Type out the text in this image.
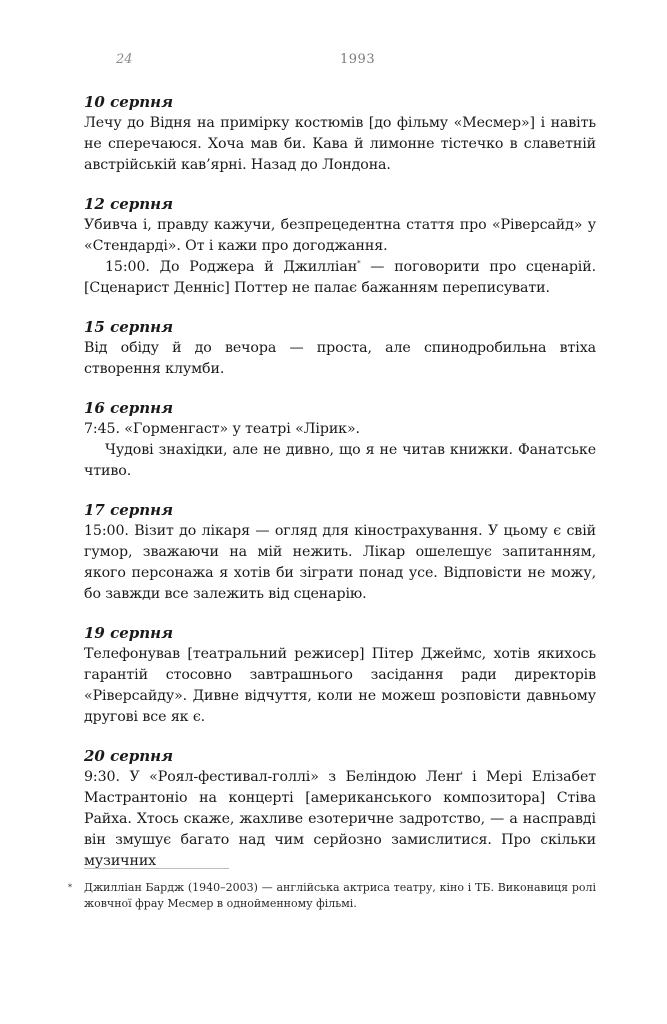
24	1993

10 серпня

Лечу до Відня на примірку костюмів [до фільму «Месмер»] і навіть не сперечаюся. Хоча мав би. Кава й лимонне тістечко в славетній австрійській кав’ярні. Назад до Лондона.

12 серпня

Убивча і, правду кажучи, безпрецедентна стаття про «Ріверсайд» у «Стендарді». От і кажи про догоджання.

15:00. До Роджера й Джилліан* — поговорити про сценарій. [Сценарист Денніс] Поттер не палає бажанням переписувати.

15 серпня

Від обіду й до вечора — проста, але спинодробильна втіха створення клумби.

16 серпня

7:45. «Горменгаст» у театрі «Лірик».

Чудові знахідки, але не дивно, що я не читав книжки. Фанатське чтиво.

17 серпня

15:00. Візит до лікаря — огляд для кінострахування. У цьому є свій гумор, зважаючи на мій нежить. Лікар ошелешує запитанням, якого персонажа я хотів би зіграти понад усе. Відповісти не можу, бо завжди все залежить від сценарію.

19 серпня

Телефонував [театральний режисер] Пітер Джеймс, хотів якихось гарантій стосовно завтрашнього засідання ради директорів «Ріверсайду». Дивне відчуття, коли не можеш розповісти давньому другові все як є.

20 серпня

9:30. У «Роял-фестивал-голлі» з Беліндою Ленґ і Мері Елізабет Мастрантоніо на концерті [американського композитора] Стіва Райха. Хтось скаже, жахливе езотеричне задротство, — а насправді він змушує багато над чим серйозно замислитися. Про скільки музичних

* Джилліан Бардж (1940–2003) — англійська актриса театру, кіно і ТБ. Виконавиця ролі жовчної фрау Месмер в однойменному фільмі.
